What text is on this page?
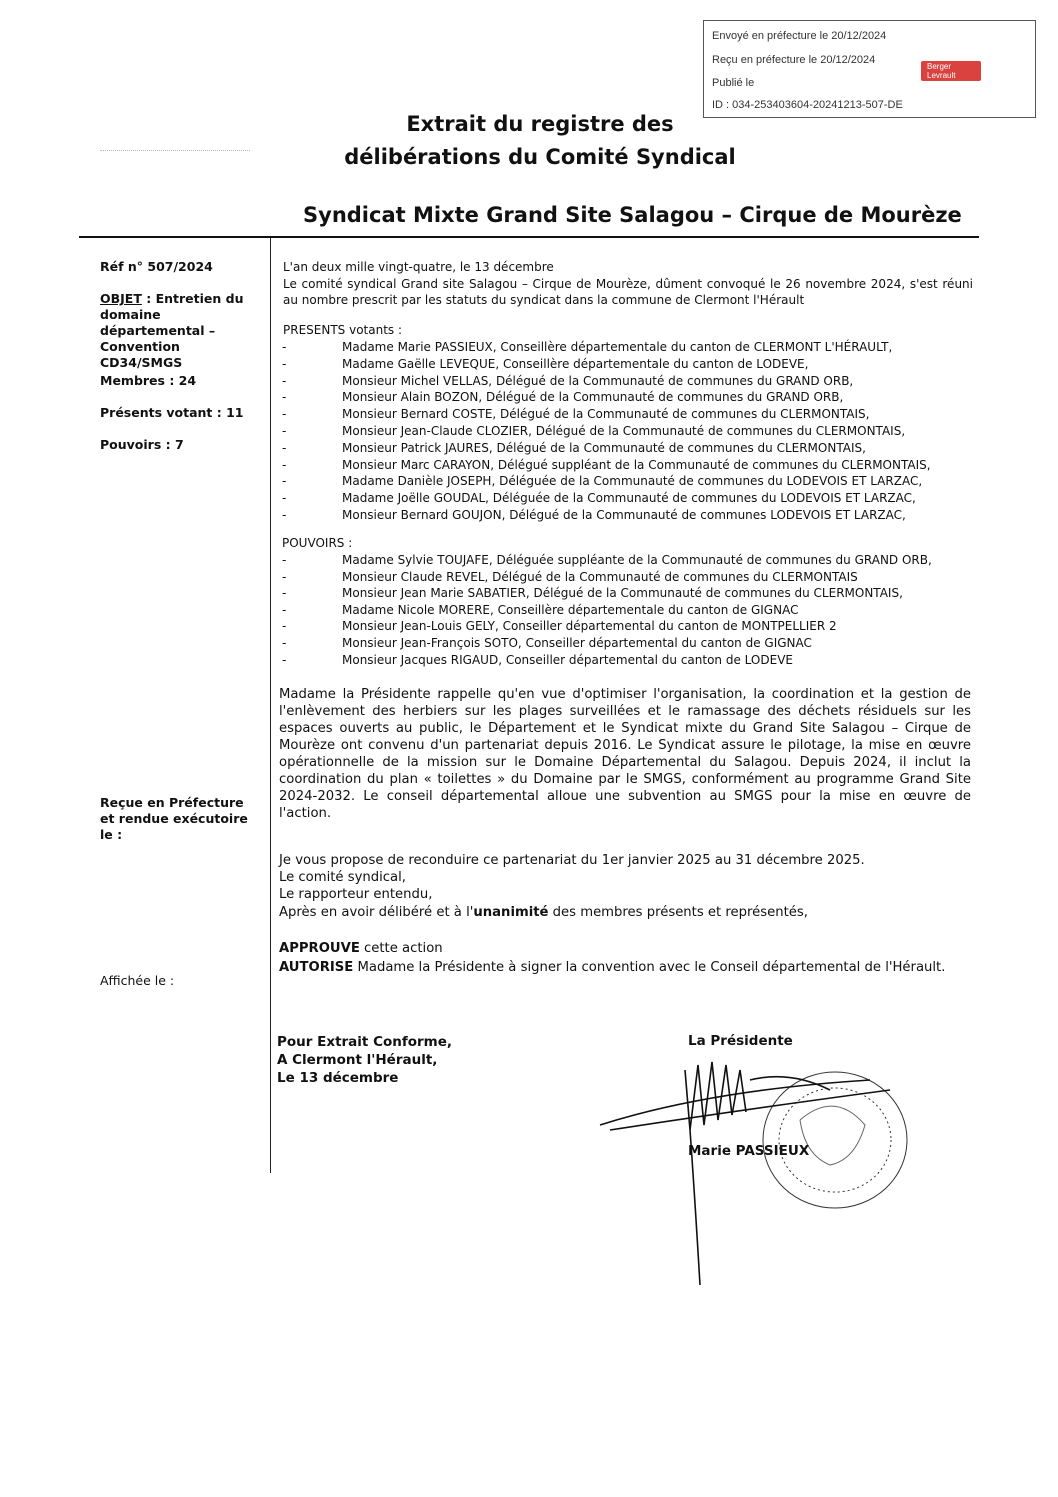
Envoyé en préfecture le 20/12/2024
Reçu en préfecture le 20/12/2024
Publié le
ID : 034-253403604-20241213-507-DE
Berger
Levrault
Extrait du registre des
délibérations du Comité Syndical
Syndicat Mixte Grand Site Salagou – Cirque de Mourèze
Réf n° 507/2024
OBJET : Entretien du domaine départemental – Convention CD34/SMGS
Membres : 24
Présents votant : 11
Pouvoirs : 7
Reçue en Préfecture et rendue exécutoire le :
Affichée le :
L'an deux mille vingt-quatre, le 13 décembre
Le comité syndical Grand site Salagou – Cirque de Mourèze, dûment convoqué le 26 novembre 2024, s'est réuni au nombre prescrit par les statuts du syndicat dans la commune de Clermont l'Hérault
PRESENTS votants :
-	Madame Marie PASSIEUX, Conseillère départementale du canton de CLERMONT L'HÉRAULT,
-	Madame Gaëlle LEVEQUE, Conseillère départementale du canton de LODEVE,
-	Monsieur Michel VELLAS, Délégué de la Communauté de communes du GRAND ORB,
-	Monsieur Alain BOZON, Délégué de la Communauté de communes du GRAND ORB,
-	Monsieur Bernard COSTE, Délégué de la Communauté de communes du CLERMONTAIS,
-	Monsieur Jean-Claude CLOZIER, Délégué de la Communauté de communes du CLERMONTAIS,
-	Monsieur Patrick JAURES, Délégué de la Communauté de communes du CLERMONTAIS,
-	Monsieur Marc CARAYON, Délégué suppléant de la Communauté de communes du CLERMONTAIS,
-	Madame Danièle JOSEPH, Déléguée de la Communauté de communes du LODEVOIS ET LARZAC,
-	Madame Joëlle GOUDAL, Déléguée de la Communauté de communes du LODEVOIS ET LARZAC,
-	Monsieur Bernard GOUJON, Délégué de la Communauté de communes LODEVOIS ET LARZAC,
POUVOIRS :
-	Madame Sylvie TOUJAFE, Déléguée suppléante de la Communauté de communes du GRAND ORB,
-	Monsieur Claude REVEL, Délégué de la Communauté de communes du CLERMONTAIS
-	Monsieur Jean Marie SABATIER, Délégué de la Communauté de communes du CLERMONTAIS,
-	Madame Nicole MORERE, Conseillère départementale du canton de GIGNAC
-	Monsieur Jean-Louis GELY, Conseiller départemental du canton de MONTPELLIER 2
-	Monsieur Jean-François SOTO, Conseiller départemental du canton de GIGNAC
-	Monsieur Jacques RIGAUD, Conseiller départemental du canton de LODEVE
Madame la Présidente rappelle qu'en vue d'optimiser l'organisation, la coordination et la gestion de l'enlèvement des herbiers sur les plages surveillées et le ramassage des déchets résiduels sur les espaces ouverts au public, le Département et le Syndicat mixte du Grand Site Salagou – Cirque de Mourèze ont convenu d'un partenariat depuis 2016. Le Syndicat assure le pilotage, la mise en œuvre opérationnelle de la mission sur le Domaine Départemental du Salagou. Depuis 2024, il inclut la coordination du plan « toilettes » du Domaine par le SMGS, conformément au programme Grand Site 2024-2032. Le conseil départemental alloue une subvention au SMGS pour la mise en œuvre de l'action.
Je vous propose de reconduire ce partenariat du 1er janvier 2025 au 31 décembre 2025.
Le comité syndical,
Le rapporteur entendu,
Après en avoir délibéré et à l'unanimité des membres présents et représentés,
APPROUVE cette action
AUTORISE Madame la Présidente à signer la convention avec le Conseil départemental de l'Hérault.
Pour Extrait Conforme,
A Clermont l'Hérault,
Le 13 décembre
La Présidente
Marie PASSIEUX
